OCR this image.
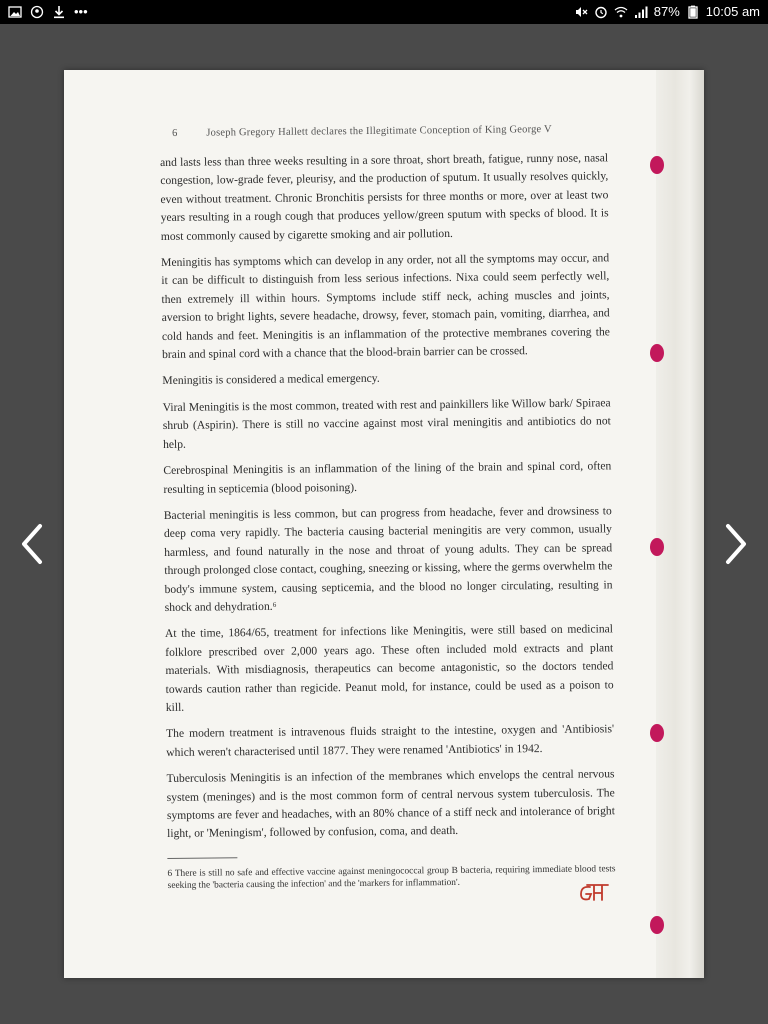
•••	87% 10:05 am
6	Joseph Gregory Hallett declares the Illegitimate Conception of King George V

and lasts less than three weeks resulting in a sore throat, short breath, fatigue, runny nose, nasal congestion, low-grade fever, pleurisy, and the production of sputum. It usually resolves quickly, even without treatment. Chronic Bronchitis persists for three months or more, over at least two years resulting in a rough cough that produces yellow/green sputum with specks of blood. It is most commonly caused by cigarette smoking and air pollution.

Meningitis has symptoms which can develop in any order, not all the symptoms may occur, and it can be difficult to distinguish from less serious infections. Nixa could seem perfectly well, then extremely ill within hours. Symptoms include stiff neck, aching muscles and joints, aversion to bright lights, severe headache, drowsy, fever, stomach pain, vomiting, diarrhea, and cold hands and feet. Meningitis is an inflammation of the protective membranes covering the brain and spinal cord with a chance that the blood-brain barrier can be crossed.

Meningitis is considered a medical emergency.

Viral Meningitis is the most common, treated with rest and painkillers like Willow bark/ Spiraea shrub (Aspirin). There is still no vaccine against most viral meningitis and antibiotics do not help.

Cerebrospinal Meningitis is an inflammation of the lining of the brain and spinal cord, often resulting in septicemia (blood poisoning).

Bacterial meningitis is less common, but can progress from headache, fever and drowsiness to deep coma very rapidly. The bacteria causing bacterial meningitis are very common, usually harmless, and found naturally in the nose and throat of young adults. They can be spread through prolonged close contact, coughing, sneezing or kissing, where the germs overwhelm the body's immune system, causing septicemia, and the blood no longer circulating, resulting in shock and dehydration.⁶

At the time, 1864/65, treatment for infections like Meningitis, were still based on medicinal folklore prescribed over 2,000 years ago. These often included mold extracts and plant materials. With misdiagnosis, therapeutics can become antagonistic, so the doctors tended towards caution rather than regicide. Peanut mold, for instance, could be used as a poison to kill.

The modern treatment is intravenous fluids straight to the intestine, oxygen and 'Antibiosis' which weren't characterised until 1877. They were renamed 'Antibiotics' in 1942.

Tuberculosis Meningitis is an infection of the membranes which envelops the central nervous system (meninges) and is the most common form of central nervous system tuberculosis. The symptoms are fever and headaches, with an 80% chance of a stiff neck and intolerance of bright light, or 'Meningism', followed by confusion, coma, and death.

6 There is still no safe and effective vaccine against meningococcal group B bacteria, requiring immediate blood tests seeking the 'bacteria causing the infection' and the 'markers for inflammation'.
